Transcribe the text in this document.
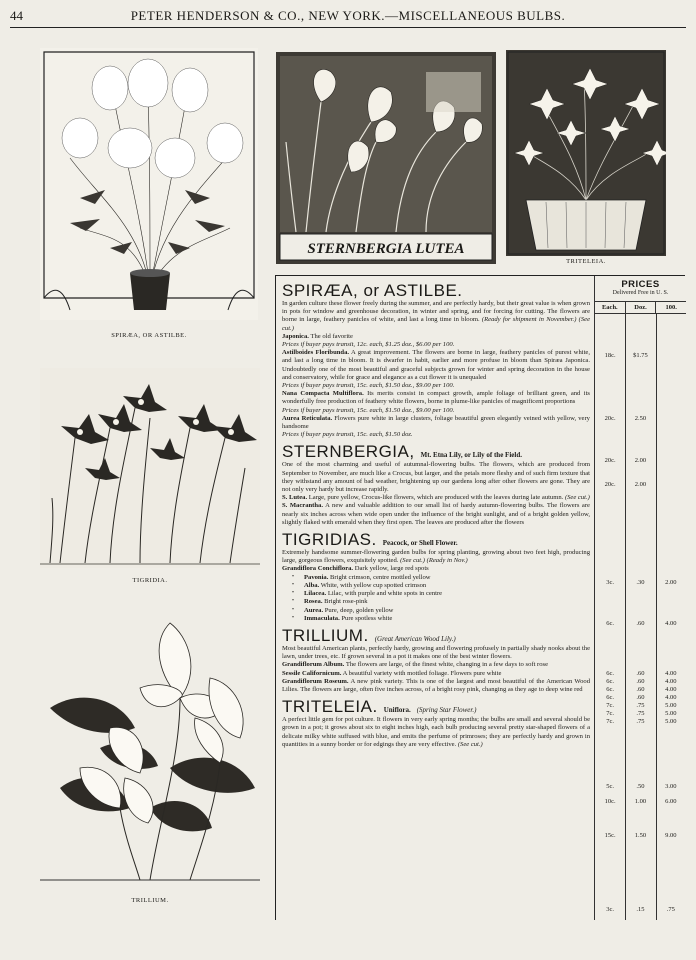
44	PETER HENDERSON & CO., NEW YORK.—MISCELLANEOUS BULBS.
SPIRÆA, OR ASTILBE.
STERNBERGIA LUTEA
TRITELEIA.
TIGRIDIA.
TRILLIUM.
PRICES
Delivered Free in U. S.
Each.	Doz.	100.
18c.	$1.75
20c.	2.50
20c.	2.00
20c.	2.00
3c.	.30	2.00
6c.	.60	4.00
6c.	.60	4.00
6c.	.60	4.00
6c.	.60	4.00
6c.	.60	4.00
7c.	.75	5.00
7c.	.75	5.00
7c.	.75	5.00
5c.	.50	3.00
10c.	1.00	6.00
15c.	1.50	9.00
3c.	.15	.75
SPIRÆA, or ASTILBE.
In garden culture these flower freely during the summer, and are perfectly hardy, but their great value is when grown in pots for window and greenhouse decoration, in winter and spring, and for forcing for cutting. The flowers are borne in large, feathery panicles of white, and last a long time in bloom. (Ready for shipment in November.) (See cut.)
Japonica. The old favorite
Prices if buyer pays transit, 12c. each, $1.25 doz., $6.00 per 100.
Astilboides Floribunda. A great improvement. The flowers are borne in large, feathery panicles of purest white, and last a long time in bloom. It is dwarfer in habit, earlier and more profuse in bloom than Spiræa Japonica. Undoubtedly one of the most beautiful and graceful subjects grown for winter and spring decoration in the house and conservatory, while for grace and elegance as a cut flower it is unequaled
Prices if buyer pays transit, 15c. each, $1.50 doz., $9.00 per 100.
Nana Compacta Multiflora. Its merits consist in compact growth, ample foliage of brilliant green, and its wonderfully free production of feathery white flowers, borne in plume-like panicles of magnificent proportions
Prices if buyer pays transit, 15c. each, $1.50 doz., $9.00 per 100.
Aurea Reticulata. Flowers pure white in large clusters, foliage beautiful green elegantly veined with yellow, very handsome
Prices if buyer pays transit, 15c. each, $1.50 doz.
STERNBERGIA, Mt. Etna Lily, or Lily of the Field.
One of the most charming and useful of autumnal-flowering bulbs. The flowers, which are produced from September to November, are much like a Crocus, but larger, and the petals more fleshy and of such firm texture that they withstand any amount of bad weather, brightening up our gardens long after other flowers are gone. They are not only very hardy but increase rapidly.
S. Lutea. Large, pure yellow, Crocus-like flowers, which are produced with the leaves during late autumn. (See cut.)
S. Macrantha. A new and valuable addition to our small list of hardy autumn-flowering bulbs. The flowers are nearly six inches across when wide open under the influence of the bright sunlight, and of a bright golden yellow, slightly flaked with emerald when they first open. The leaves are produced after the flowers
TIGRIDIAS. Peacock, or Shell Flower.
Extremely handsome summer-flowering garden bulbs for spring planting, growing about two feet high, producing large, gorgeous flowers, exquisitely spotted. (See cut.) (Ready in Nov.)
Grandiflora Conchiflora. Dark yellow, large red spots
" Pavonia. Bright crimson, centre mottled yellow
" Alba. White, with yellow cup spotted crimson
" Lilacea. Lilac, with purple and white spots in centre
" Rosea. Bright rose-pink
" Aurea. Pure, deep, golden yellow
" Immaculata. Pure spotless white
TRILLIUM. (Great American Wood Lily.)
Most beautiful American plants, perfectly hardy, growing and flowering profusely in partially shady nooks about the lawn, under trees, etc. If grown several in a pot it makes one of the best winter flowers.
Grandiflorum Album. The flowers are large, of the finest white, changing in a few days to soft rose
Sessile Californicum. A beautiful variety with mottled foliage. Flowers pure white
Grandiflorum Roseum. A new pink variety. This is one of the largest and most beautiful of the American Wood Lilies. The flowers are large, often five inches across, of a bright rosy pink, changing as they age to deep wine red
TRITELEIA. Uniflora. (Spring Star Flower.)
A perfect little gem for pot culture. It flowers in very early spring months; the bulbs are small and several should be grown in a pot; it grows about six to eight inches high, each bulb producing several pretty star-shaped flowers of a delicate milky white suffused with blue, and emits the perfume of primroses; they are perfectly hardy and grown in quantities in a sunny border or for edgings they are very effective. (See cut.)
